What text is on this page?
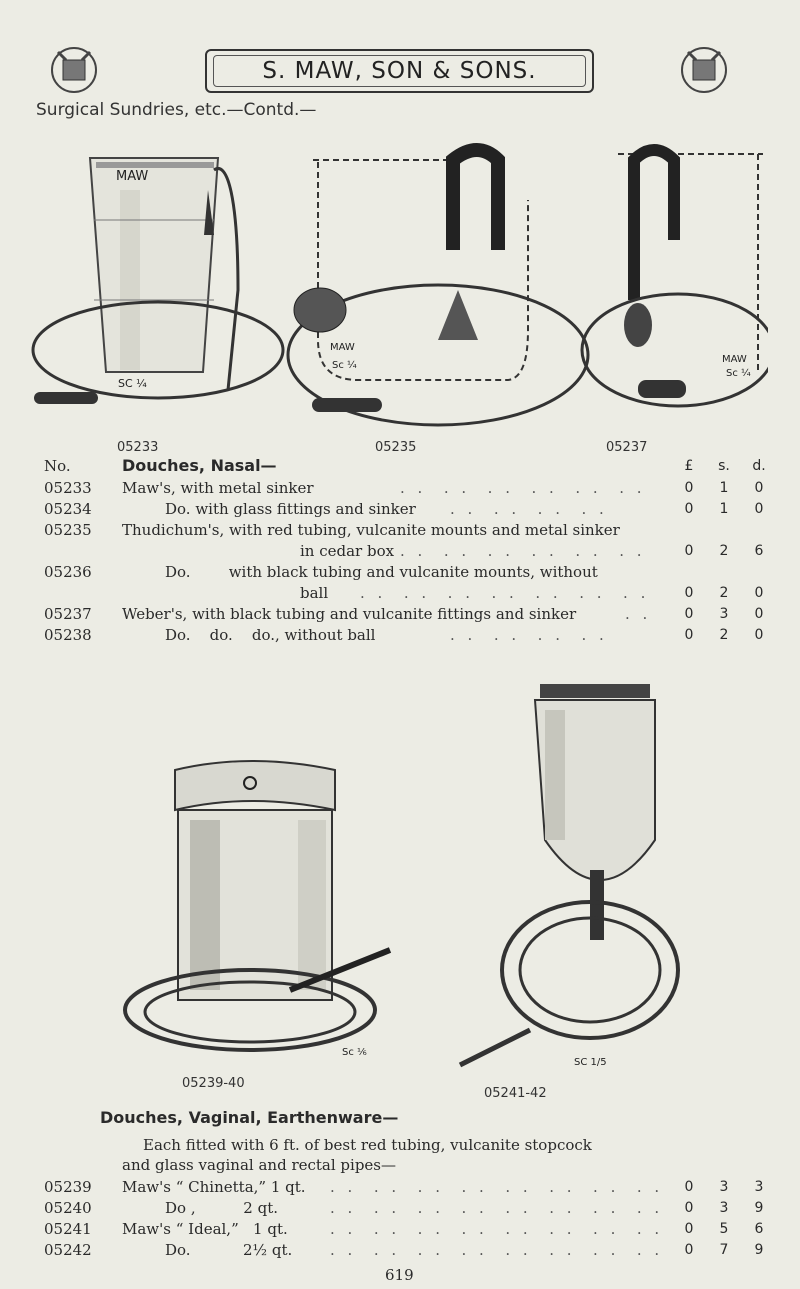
S. MAW, SON & SONS.
Surgical Sundries, etc.—Contd.—
MAW
SC ¼
MAW
Sc ¼
MAW
Sc ¼
05233	05235	05237
No.	Douches, Nasal—	£	s.	d.
05233 Maw's, with metal sinker	. .  . .  . .  . .  . .  . .	0	1	0
05234	Do. with glass fittings and sinker . .  . .  . .  . .	0	1	0
05235 Thudichum's, with red tubing, vulcanite mounts and metal sinker
in cedar box . .  . .  . .  . .  . .  . .	0	2	6
05236	Do.        with black tubing and vulcanite mounts, without
ball . .  . .  . .  . .  . .  . .  . .	0	2	0
05237 Weber's, with black tubing and vulcanite fittings and sinker	. .	0	3	0
05238	Do.    do.    do., without ball	. .  . .  . .  . .	0	2	0
Sc ⅙
SC 1/5
05239-40
05241-42
Douches, Vaginal, Earthenware—
Each fitted with 6 ft. of best red tubing, vulcanite stopcock
and glass vaginal and rectal pipes—
05239 Maw's “ Chinetta,” 1 qt. . .  . .  . .  . .  . .  . .  . .  . .	0	3	3
05240	Do ,          2 qt.	. .  . .  . .  . .  . .  . .  . .  . .	0	3	9
05241 Maw's “ Ideal,”   1 qt.	. .  . .  . .  . .  . .  . .  . .  . .	0	5	6
05242	Do.           2½ qt.	. .  . .  . .  . .  . .  . .  . .  . .	0	7	9
619
